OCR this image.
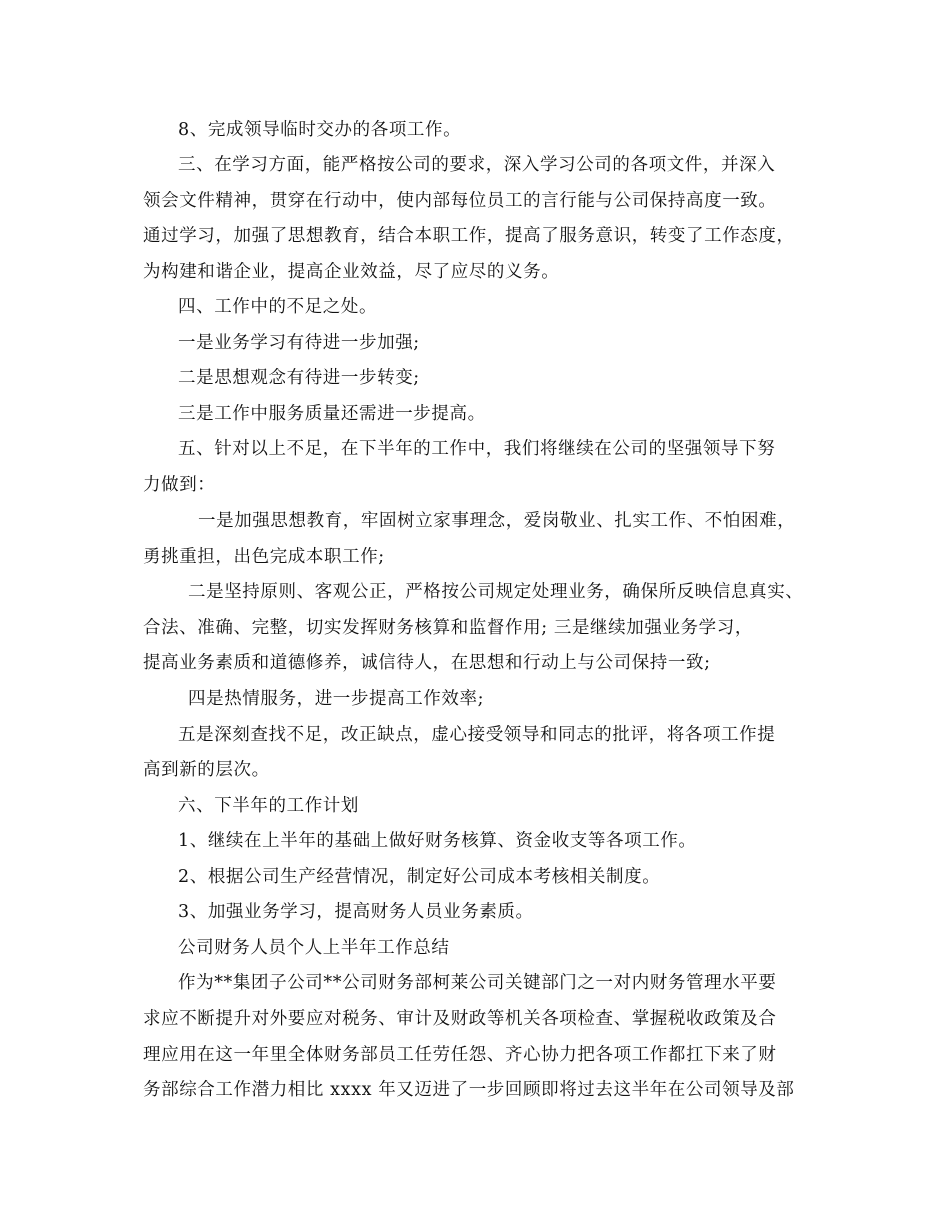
8、完成领导临时交办的各项工作。
三、在学习方面，能严格按公司的要求，深入学习公司的各项文件，并深入
领会文件精神，贯穿在行动中，使内部每位员工的言行能与公司保持高度一致。
通过学习，加强了思想教育，结合本职工作，提高了服务意识，转变了工作态度，
为构建和谐企业，提高企业效益，尽了应尽的义务。
四、工作中的不足之处。
一是业务学习有待进一步加强;
二是思想观念有待进一步转变;
三是工作中服务质量还需进一步提高。
五、针对以上不足，在下半年的工作中，我们将继续在公司的坚强领导下努
力做到：
一是加强思想教育，牢固树立家事理念，爱岗敬业、扎实工作、不怕困难，
勇挑重担，出色完成本职工作;
二是坚持原则、客观公正，严格按公司规定处理业务，确保所反映信息真实、
合法、准确、完整，切实发挥财务核算和监督作用; 三是继续加强业务学习，
提高业务素质和道德修养，诚信待人，在思想和行动上与公司保持一致;
四是热情服务，进一步提高工作效率;
五是深刻查找不足，改正缺点，虚心接受领导和同志的批评，将各项工作提
高到新的层次。
六、下半年的工作计划
1、继续在上半年的基础上做好财务核算、资金收支等各项工作。
2、根据公司生产经营情况，制定好公司成本考核相关制度。
3、加强业务学习，提高财务人员业务素质。
公司财务人员个人上半年工作总结
作为**集团子公司**公司财务部柯莱公司关键部门之一对内财务管理水平要
求应不断提升对外要应对税务、审计及财政等机关各项检查、掌握税收政策及合
理应用在这一年里全体财务部员工任劳任怨、齐心协力把各项工作都扛下来了财
务部综合工作潜力相比 xxxx 年又迈进了一步回顾即将过去这半年在公司领导及部
